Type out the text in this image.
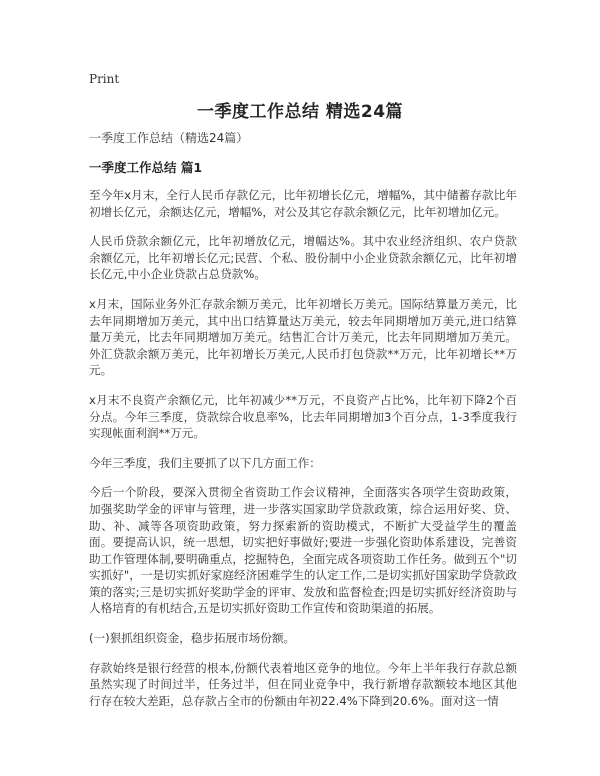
Print
一季度工作总结 精选24篇

一季度工作总结（精选24篇）

一季度工作总结 篇1

至今年x月末，全行人民币存款亿元，比年初增长亿元，增幅%，其中储蓄存款比年初增长亿元，余额达亿元，增幅%，对公及其它存款余额亿元，比年初增加亿元。

人民币贷款余额亿元，比年初增放亿元，增幅达%。其中农业经济组织、农户贷款余额亿元，比年初增长亿元;民营、个私、股份制中小企业贷款余额亿元，比年初增长亿元,中小企业贷款占总贷款%。

x月末，国际业务外汇存款余额万美元，比年初增长万美元。国际结算量万美元，比去年同期增加万美元，其中出口结算量达万美元，较去年同期增加万美元,进口结算量万美元，比去年同期增加万美元。结售汇合计万美元，比去年同期增加万美元。外汇贷款余额万美元，比年初增长万美元,人民币打包贷款**万元，比年初增长**万元。

x月末不良资产余额亿元，比年初减少**万元，不良资产占比%，比年初下降2个百分点。今年三季度，贷款综合收息率%，比去年同期增加3个百分点，1-3季度我行实现帐面利润**万元。

今年三季度，我们主要抓了以下几方面工作：

今后一个阶段，要深入贯彻全省资助工作会议精神，全面落实各项学生资助政策，加强奖助学金的评审与管理，进一步落实国家助学贷款政策，综合运用好奖、贷、助、补、减等各项资助政策，努力探索新的资助模式，不断扩大受益学生的覆盖面。要提高认识，统一思想，切实把好事做好;要进一步强化资助体系建设，完善资助工作管理体制,要明确重点，挖掘特色，全面完成各项资助工作任务。做到五个"切实抓好"，一是切实抓好家庭经济困难学生的认定工作,二是切实抓好国家助学贷款政策的落实;三是切实抓好奖助学金的评审、发放和监督检查;四是切实抓好经济资助与人格培育的有机结合,五是切实抓好资助工作宣传和资助渠道的拓展。

(一)狠抓组织资金，稳步拓展市场份额。

存款始终是银行经营的根本,份额代表着地区竞争的地位。今年上半年我行存款总额虽然实现了时间过半，任务过半，但在同业竞争中，我行新增存款额较本地区其他行存在较大差距，总存款占全市的份额由年初22.4%下降到20.6%。面对这一情
